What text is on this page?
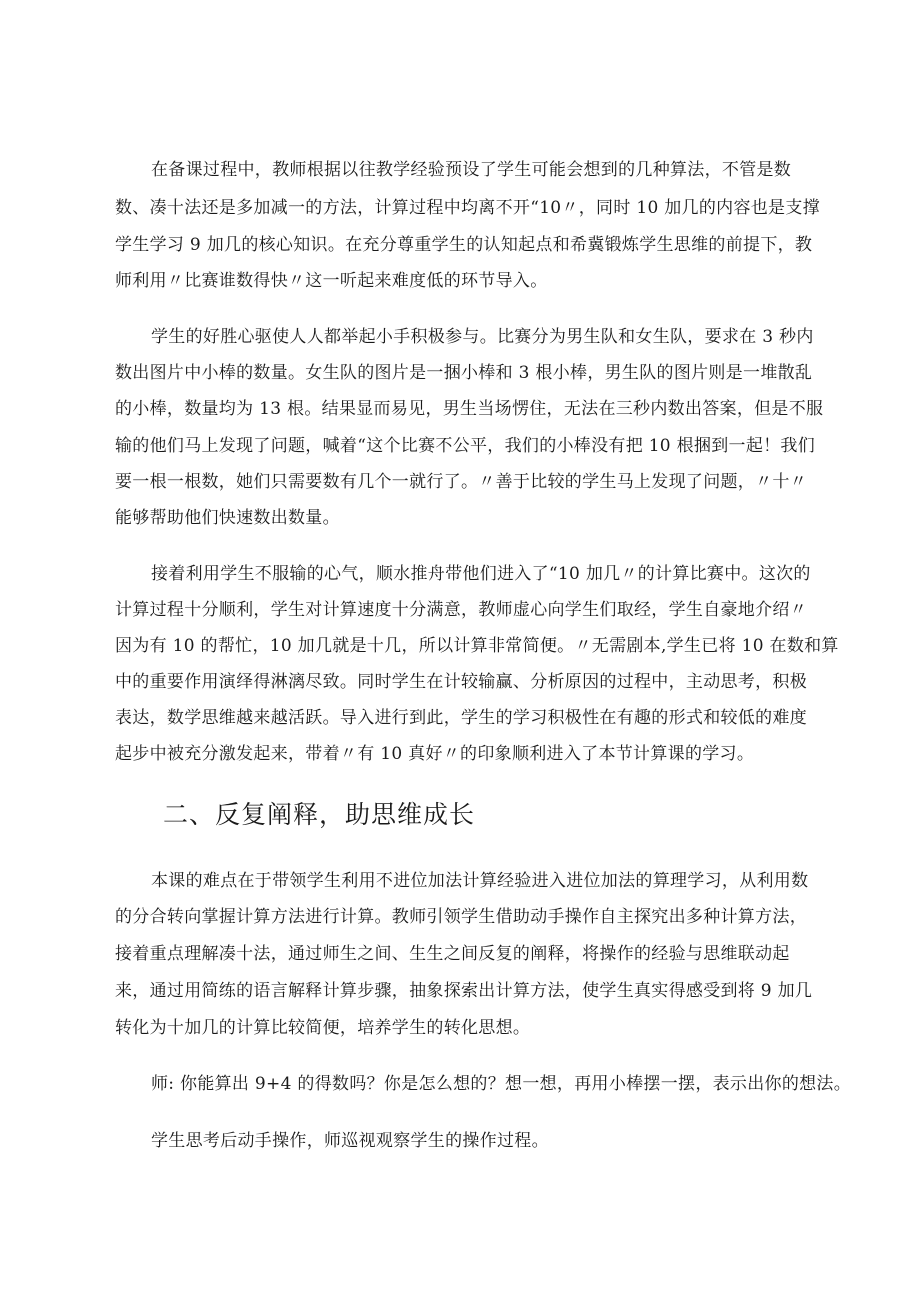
在备课过程中，教师根据以往教学经验预设了学生可能会想到的几种算法，不管是数
数、凑十法还是多加减一的方法，计算过程中均离不开“10〃，同时 10 加几的内容也是支撑
学生学习 9 加几的核心知识。在充分尊重学生的认知起点和希冀锻炼学生思维的前提下，教
师利用〃比赛谁数得快〃这一听起来难度低的环节导入。
学生的好胜心驱使人人都举起小手积极参与。比赛分为男生队和女生队，要求在 3 秒内
数出图片中小棒的数量。女生队的图片是一捆小棒和 3 根小棒，男生队的图片则是一堆散乱
的小棒，数量均为 13 根。结果显而易见，男生当场愣住，无法在三秒内数出答案，但是不服
输的他们马上发现了问题，喊着“这个比赛不公平，我们的小棒没有把 10 根捆到一起！我们
要一根一根数，她们只需要数有几个一就行了。〃善于比较的学生马上发现了问题，〃十〃
能够帮助他们快速数出数量。
接着利用学生不服输的心气，顺水推舟带他们进入了“10 加几〃的计算比赛中。这次的
计算过程十分顺利，学生对计算速度十分满意，教师虚心向学生们取经，学生自豪地介绍〃
因为有 10 的帮忙，10 加几就是十几，所以计算非常简便。〃无需剧本,学生已将 10 在数和算
中的重要作用演绎得淋漓尽致。同时学生在计较输赢、分析原因的过程中，主动思考，积极
表达，数学思维越来越活跃。导入进行到此，学生的学习积极性在有趣的形式和较低的难度
起步中被充分激发起来，带着〃有 10 真好〃的印象顺利进入了本节计算课的学习。
二、反复阐释，助思维成长
本课的难点在于带领学生利用不进位加法计算经验进入进位加法的算理学习，从利用数
的分合转向掌握计算方法进行计算。教师引领学生借助动手操作自主探究出多种计算方法，
接着重点理解凑十法，通过师生之间、生生之间反复的阐释，将操作的经验与思维联动起
来，通过用简练的语言解释计算步骤，抽象探索出计算方法，使学生真实得感受到将 9 加几
转化为十加几的计算比较简便，培养学生的转化思想。
师: 你能算出 9+4 的得数吗？你是怎么想的？想一想，再用小棒摆一摆，表示出你的想法。
学生思考后动手操作，师巡视观察学生的操作过程。
